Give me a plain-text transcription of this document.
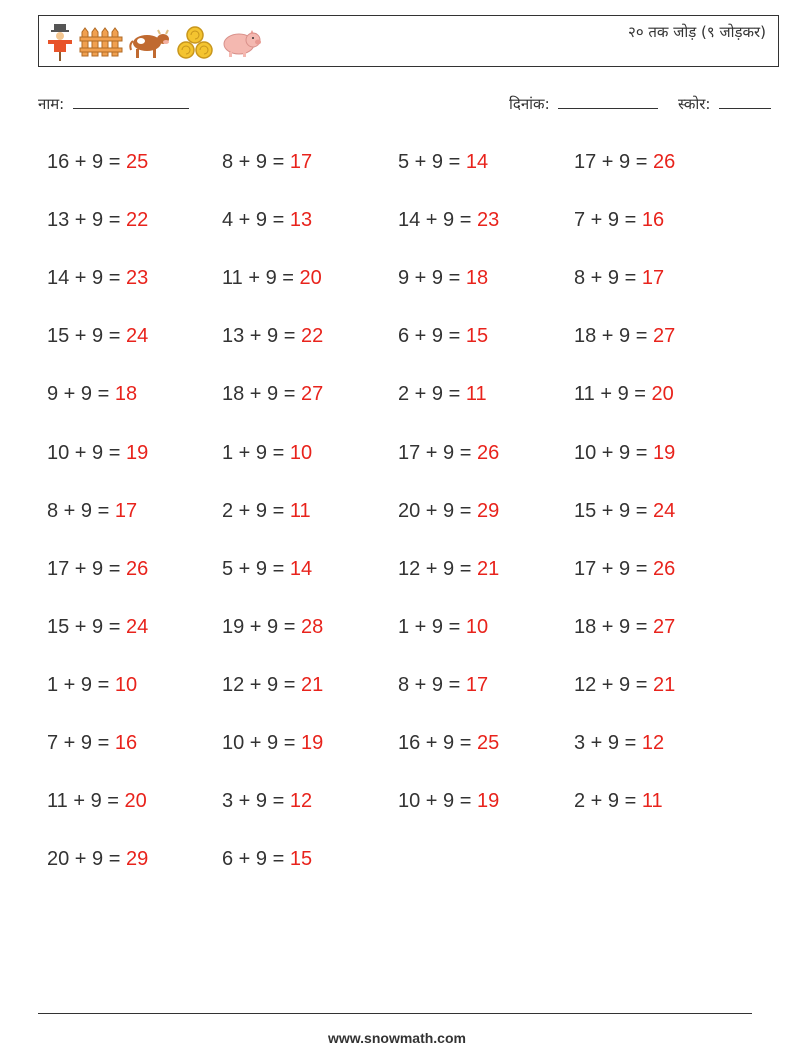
२० तक जोड़ (९ जोड़कर)
नाम:	दिनांक:	स्कोर:
16 + 9 = 25
13 + 9 = 22
14 + 9 = 23
15 + 9 = 24
9 + 9 = 18
10 + 9 = 19
8 + 9 = 17
17 + 9 = 26
15 + 9 = 24
1 + 9 = 10
7 + 9 = 16
11 + 9 = 20
20 + 9 = 29
8 + 9 = 17
4 + 9 = 13
11 + 9 = 20
13 + 9 = 22
18 + 9 = 27
1 + 9 = 10
2 + 9 = 11
5 + 9 = 14
19 + 9 = 28
12 + 9 = 21
10 + 9 = 19
3 + 9 = 12
6 + 9 = 15
5 + 9 = 14
14 + 9 = 23
9 + 9 = 18
6 + 9 = 15
2 + 9 = 11
17 + 9 = 26
20 + 9 = 29
12 + 9 = 21
1 + 9 = 10
8 + 9 = 17
16 + 9 = 25
10 + 9 = 19
17 + 9 = 26
7 + 9 = 16
8 + 9 = 17
18 + 9 = 27
11 + 9 = 20
10 + 9 = 19
15 + 9 = 24
17 + 9 = 26
18 + 9 = 27
12 + 9 = 21
3 + 9 = 12
2 + 9 = 11
www.snowmath.com
